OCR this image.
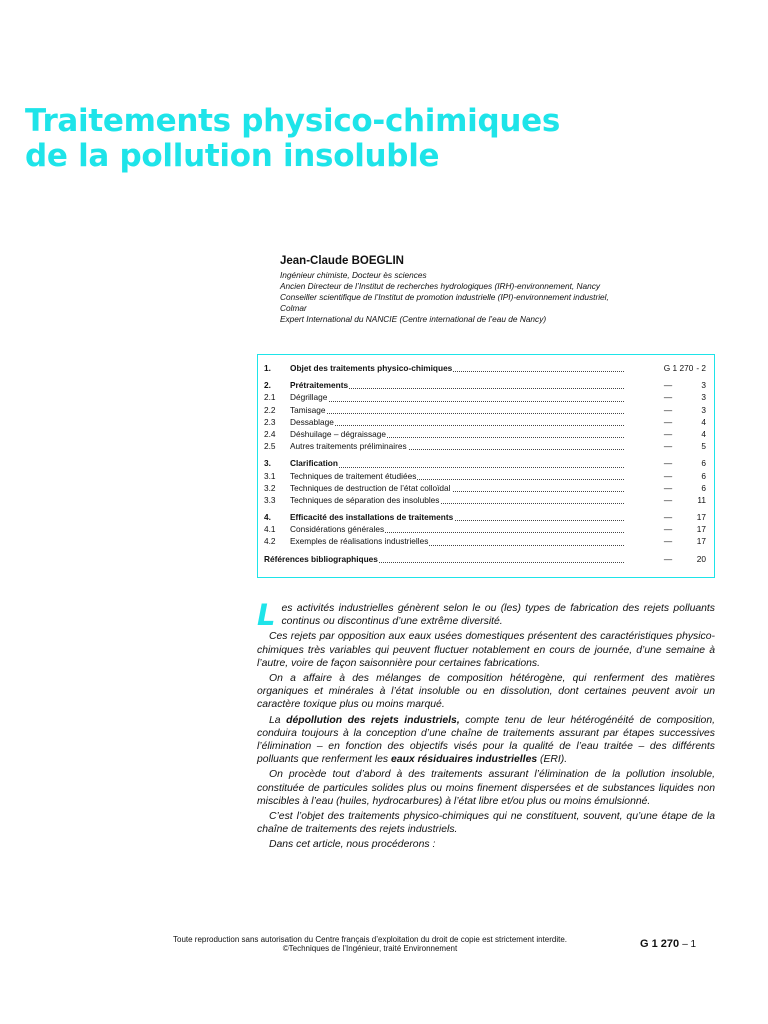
Traitements physico-chimiques
de la pollution insoluble
Jean-Claude BOEGLIN
Ingénieur chimiste, Docteur ès sciences
Ancien Directeur de l’Institut de recherches hydrologiques (IRH)-environnement, Nancy
Conseiller scientifique de l’Institut de promotion industrielle (IPI)-environnement industriel,
Colmar
Expert International du NANCIE (Centre international de l’eau de Nancy)
1.	Objet des traitements physico-chimiques	G 1 270 - 2
2.	Prétraitements	—	3
2.1	Dégrillage	—	3
2.2	Tamisage	—	3
2.3	Dessablage	—	4
2.4	Déshuilage – dégraissage	—	4
2.5	Autres traitements préliminaires	—	5
3.	Clarification	—	6
3.1	Techniques de traitement étudiées	—	6
3.2	Techniques de destruction de l’état colloïdal	—	6
3.3	Techniques de séparation des insolubles	—	11
4.	Efficacité des installations de traitements	—	17
4.1	Considérations générales	—	17
4.2	Exemples de réalisations industrielles	—	17
Références bibliographiques	—	20

Les activités industrielles génèrent selon le ou (les) types de fabrication des rejets polluants continus ou discontinus d’une extrême diversité.

Ces rejets par opposition aux eaux usées domestiques présentent des caractéristiques physico-chimiques très variables qui peuvent fluctuer notablement en cours de journée, d’une semaine à l’autre, voire de façon saisonnière pour certaines fabrications.

On a affaire à des mélanges de composition hétérogène, qui renferment des matières organiques et minérales à l’état insoluble ou en dissolution, dont certaines peuvent avoir un caractère toxique plus ou moins marqué.

La dépollution des rejets industriels, compte tenu de leur hétérogénéité de composition, conduira toujours à la conception d’une chaîne de traitements assurant par étapes successives l’élimination – en fonction des objectifs visés pour la qualité de l’eau traitée – des différents polluants que renferment les eaux résiduaires industrielles (ERI).

On procède tout d’abord à des traitements assurant l’élimination de la pollution insoluble, constituée de particules solides plus ou moins finement dispersées et de substances liquides non miscibles à l’eau (huiles, hydrocarbures) à l’état libre et/ou plus ou moins émulsionné.

C’est l’objet des traitements physico-chimiques qui ne constituent, souvent, qu’une étape de la chaîne de traitements des rejets industriels.

Dans cet article, nous procéderons :

Toute reproduction sans autorisation du Centre français d’exploitation du droit de copie est strictement interdite.
©Techniques de l’Ingénieur, traité Environnement	G 1 270 – 1
